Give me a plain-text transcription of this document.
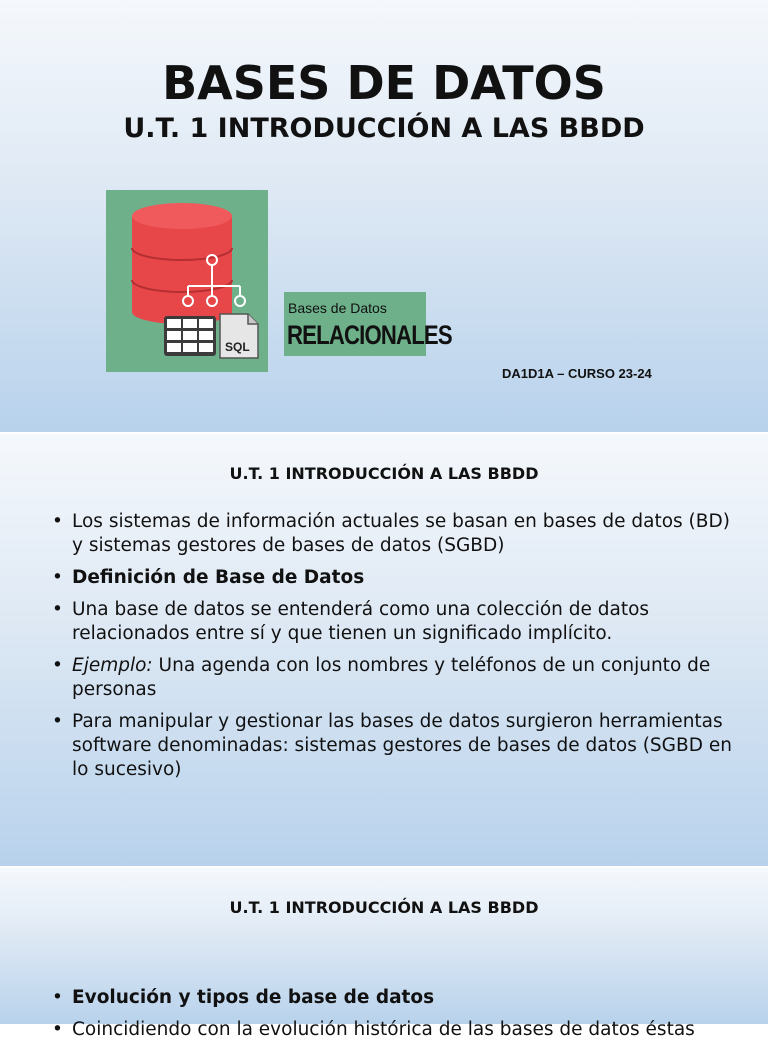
BASES DE DATOS
U.T. 1 INTRODUCCIÓN A LAS BBDD
SQL
Bases de Datos
RELACIONALES
DA1D1A – CURSO 23-24
U.T. 1 INTRODUCCIÓN A LAS BBDD
• Los sistemas de información actuales se basan en bases de datos (BD) y sistemas gestores de bases de datos (SGBD)
• Definición de Base de Datos
• Una base de datos se entenderá como una colección de datos relacionados entre sí y que tienen un significado implícito.
• Ejemplo: Una agenda con los nombres y teléfonos de un conjunto de personas
• Para manipular y gestionar las bases de datos surgieron herramientas software denominadas: sistemas gestores de bases de datos (SGBD en lo sucesivo)
U.T. 1 INTRODUCCIÓN A LAS BBDD
• Evolución y tipos de base de datos
• Coincidiendo con la evolución histórica de las bases de datos éstas
